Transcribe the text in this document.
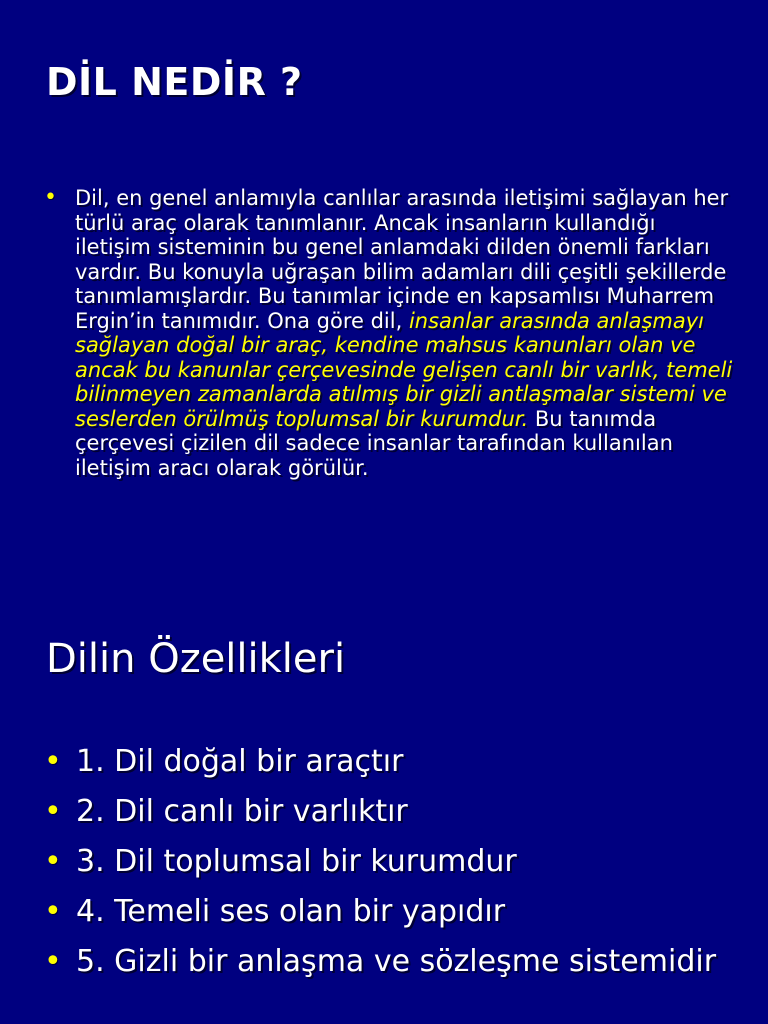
DİL NEDİR ?
• Dil, en genel anlamıyla canlılar arasında iletişimi sağlayan her türlü araç olarak tanımlanır. Ancak insanların kullandığı iletişim sisteminin bu genel anlamdaki dilden önemli farkları vardır. Bu konuyla uğraşan bilim adamları dili çeşitli şekillerde tanımlamışlardır. Bu tanımlar içinde en kapsamlısı Muharrem Ergin’in tanımıdır. Ona göre dil, insanlar arasında anlaşmayı sağlayan doğal bir araç, kendine mahsus kanunları olan ve ancak bu kanunlar çerçevesinde gelişen canlı bir varlık, temeli bilinmeyen zamanlarda atılmış bir gizli antlaşmalar sistemi ve seslerden örülmüş toplumsal bir kurumdur. Bu tanımda çerçevesi çizilen dil sadece insanlar tarafından kullanılan iletişim aracı olarak görülür.

Dilin Özellikleri
• 1. Dil doğal bir araçtır
• 2. Dil canlı bir varlıktır
• 3. Dil toplumsal bir kurumdur
• 4. Temeli ses olan bir yapıdır
• 5. Gizli bir anlaşma ve sözleşme sistemidir
